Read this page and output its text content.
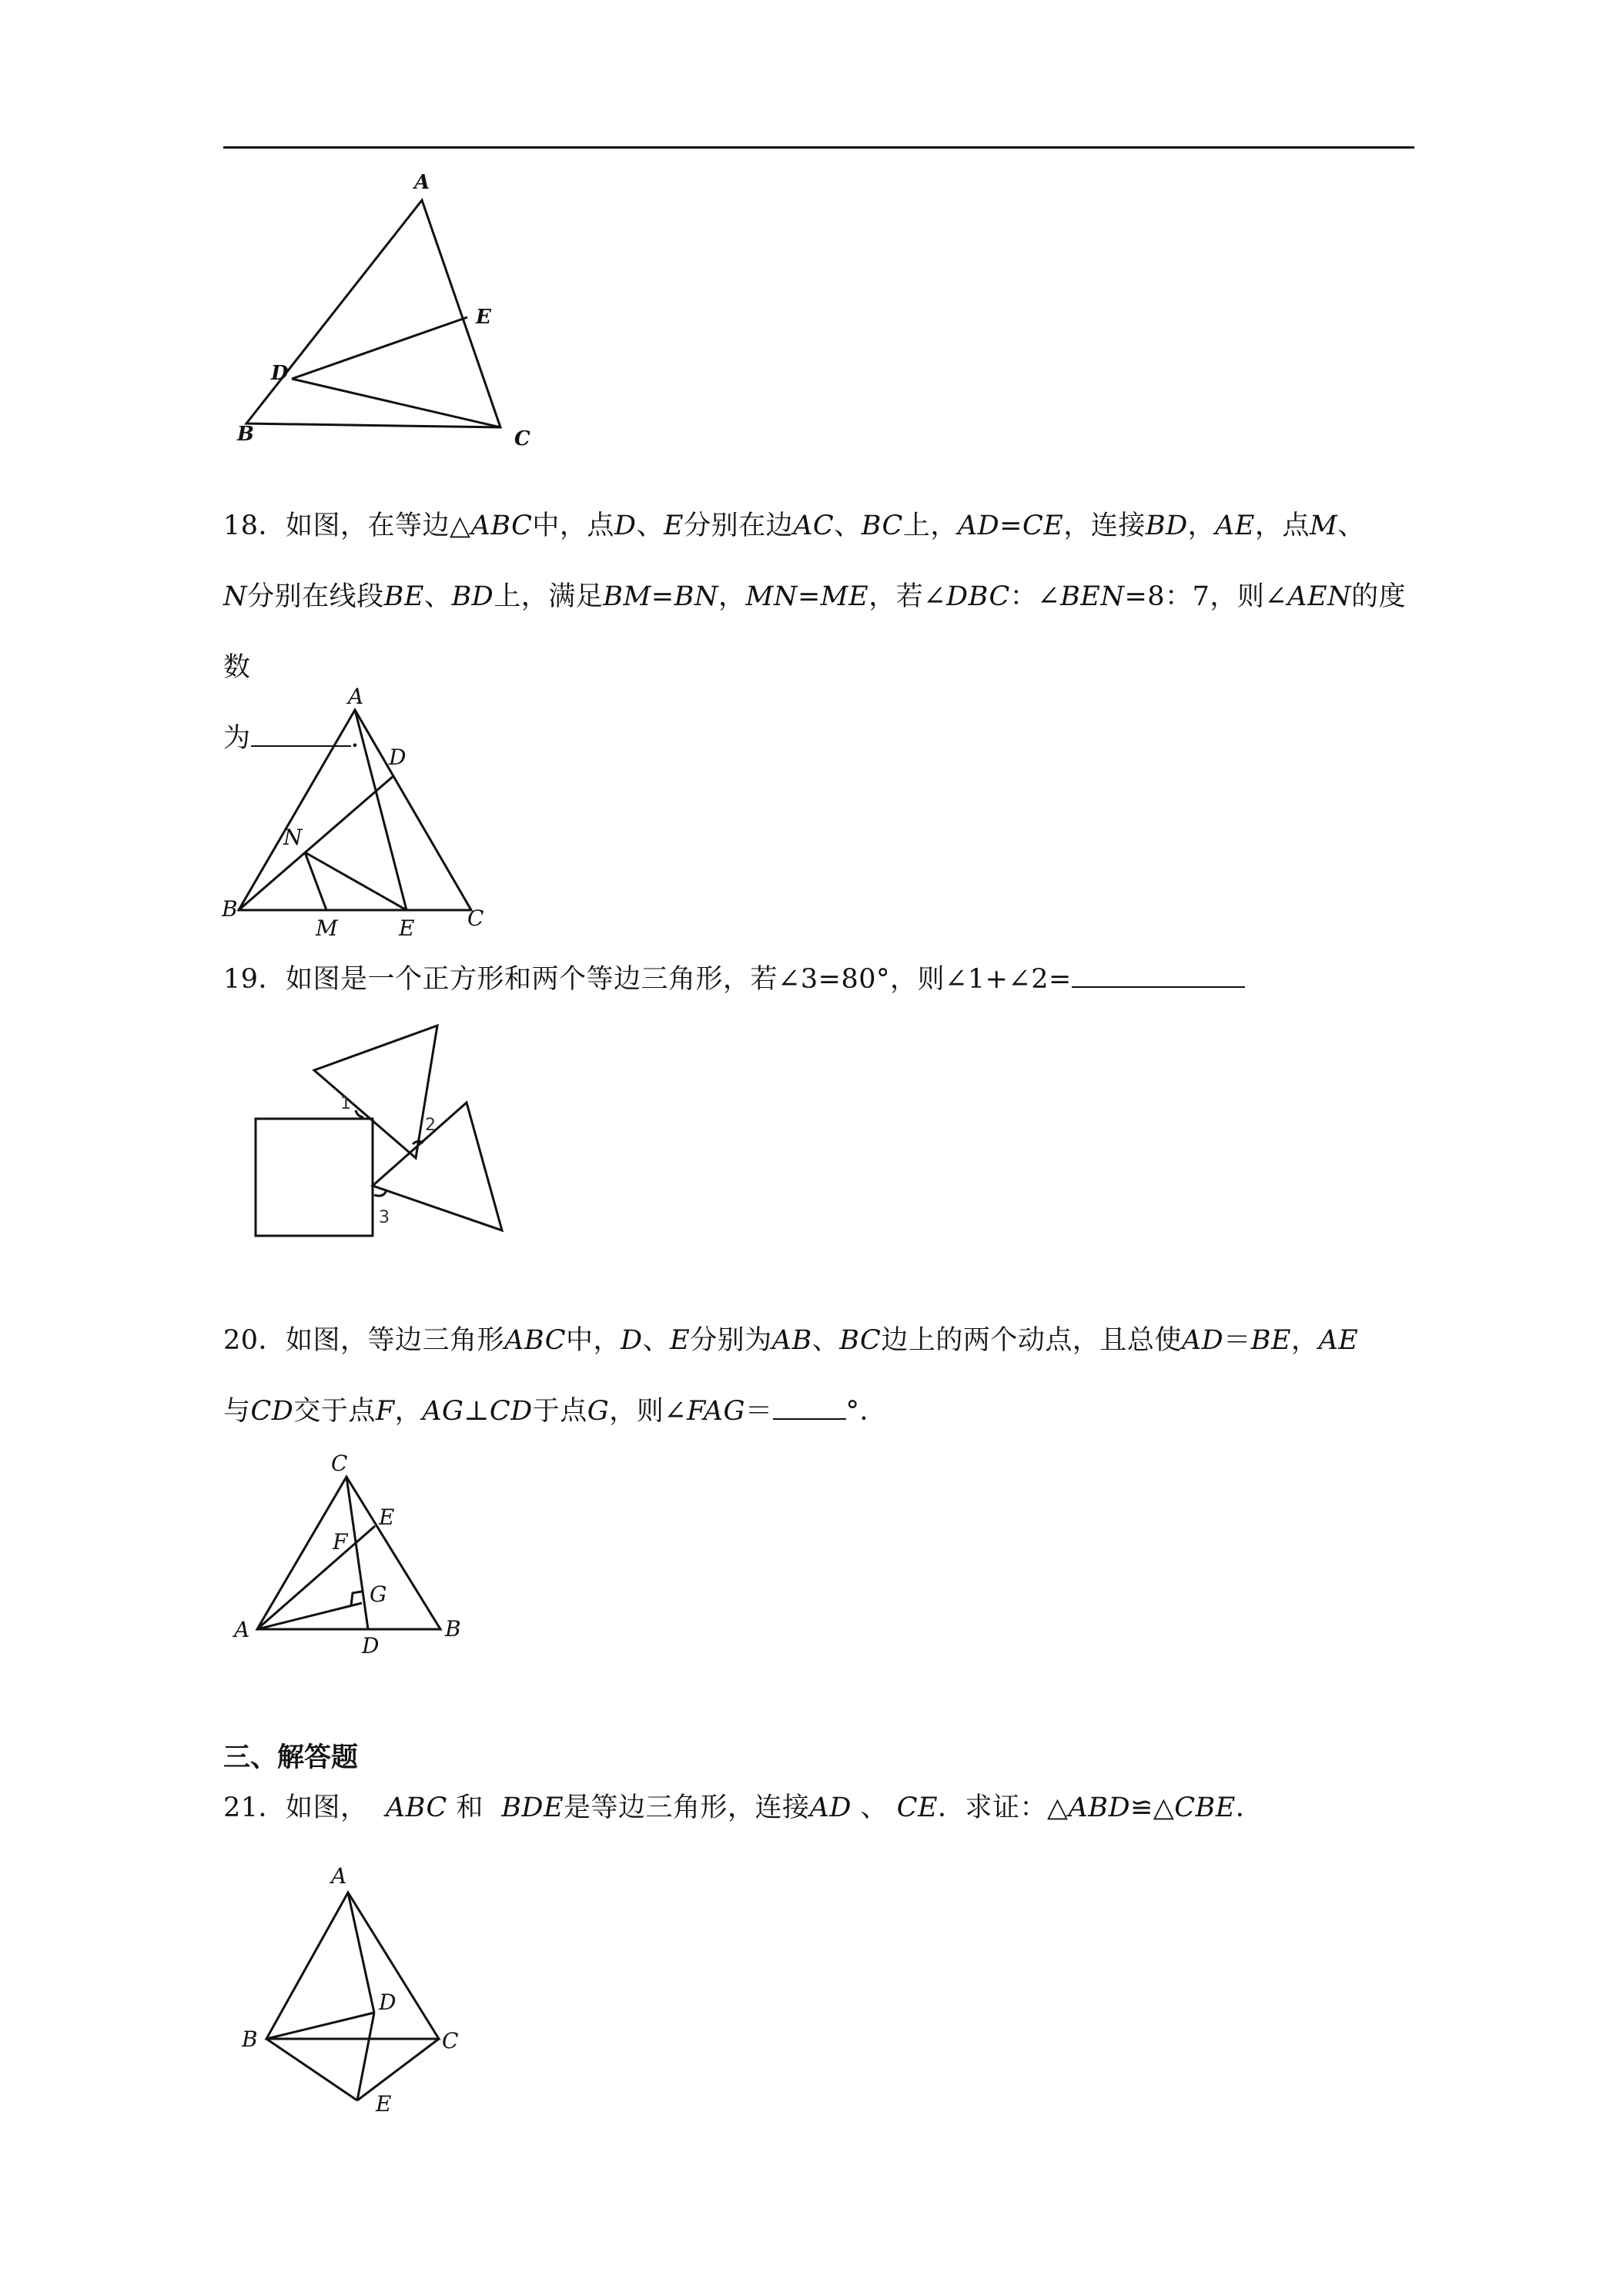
A
E
D
B	C
18．如图，在等边△ABC中，点D、E分别在边AC、BC上，AD=CE，连接BD，AE，点M、
N分别在线段BE、BD上，满足BM=BN，MN=ME，若∠DBC：∠BEN=8：7，则∠AEN的度数
为	．
A
D
N
B
M	E C
19．如图是一个正方形和两个等边三角形，若∠3=80°，则∠1+∠2=
1
2
3
20．如图，等边三角形ABC中，D、E分别为AB、BC边上的两个动点，且总使AD＝BE，AE
与CD交于点F，AG⊥CD于点G，则∠FAG＝	°．
C
E
F
G
A
D
B
三、解答题
21．如图， ABC 和 BDE是等边三角形，连接AD 、 CE．求证：△ABD≌△CBE．
A
D
B	C
E
